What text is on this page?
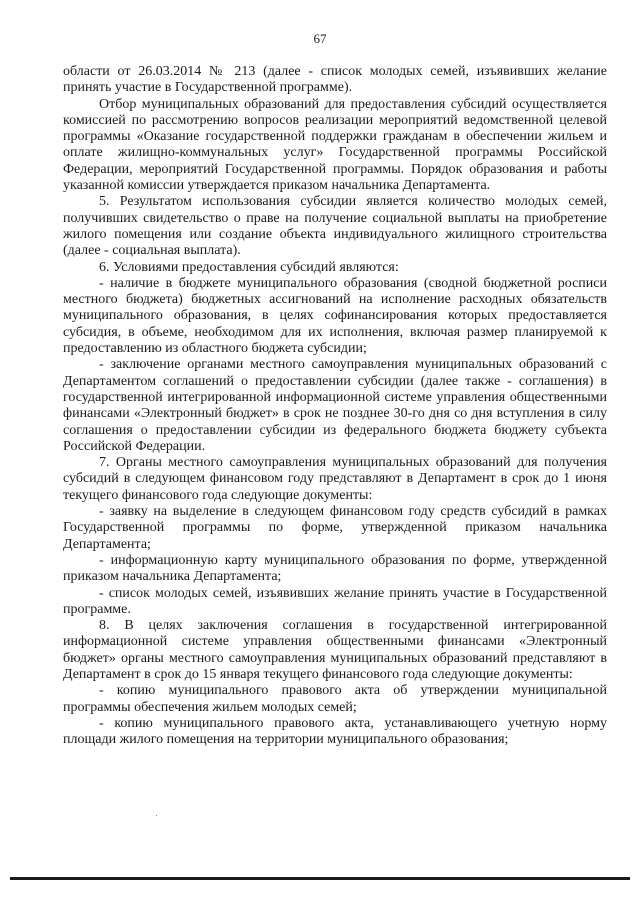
67

области от 26.03.2014 № 213 (далее - список молодых семей, изъявивших желание принять участие в Государственной программе).

Отбор муниципальных образований для предоставления субсидий осуществляется комиссией по рассмотрению вопросов реализации мероприятий ведомственной целевой программы «Оказание государственной поддержки гражданам в обеспечении жильем и оплате жилищно-коммунальных услуг» Государственной программы Российской Федерации, мероприятий Государственной программы. Порядок образования и работы указанной комиссии утверждается приказом начальника Департамента.

5. Результатом использования субсидии является количество молодых семей, получивших свидетельство о праве на получение социальной выплаты на приобретение жилого помещения или создание объекта индивидуального жилищного строительства (далее - социальная выплата).

6. Условиями предоставления субсидий являются:

- наличие в бюджете муниципального образования (сводной бюджетной росписи местного бюджета) бюджетных ассигнований на исполнение расходных обязательств муниципального образования, в целях софинансирования которых предоставляется субсидия, в объеме, необходимом для их исполнения, включая размер планируемой к предоставлению из областного бюджета субсидии;

- заключение органами местного самоуправления муниципальных образований с Департаментом соглашений о предоставлении субсидии (далее также - соглашения) в государственной интегрированной информационной системе управления общественными финансами «Электронный бюджет» в срок не позднее 30-го дня со дня вступления в силу соглашения о предоставлении субсидии из федерального бюджета бюджету субъекта Российской Федерации.

7. Органы местного самоуправления муниципальных образований для получения субсидий в следующем финансовом году представляют в Департамент в срок до 1 июня текущего финансового года следующие документы:

- заявку на выделение в следующем финансовом году средств субсидий в рамках Государственной программы по форме, утвержденной приказом начальника Департамента;

- информационную карту муниципального образования по форме, утвержденной приказом начальника Департамента;

- список молодых семей, изъявивших желание принять участие в Государственной программе.

8. В целях заключения соглашения в государственной интегрированной информационной системе управления общественными финансами «Электронный бюджет» органы местного самоуправления муниципальных образований представляют в Департамент в срок до 15 января текущего финансового года следующие документы:

- копию муниципального правового акта об утверждении муниципальной программы обеспечения жильем молодых семей;

- копию муниципального правового акта, устанавливающего учетную норму площади жилого помещения на территории муниципального образования;
